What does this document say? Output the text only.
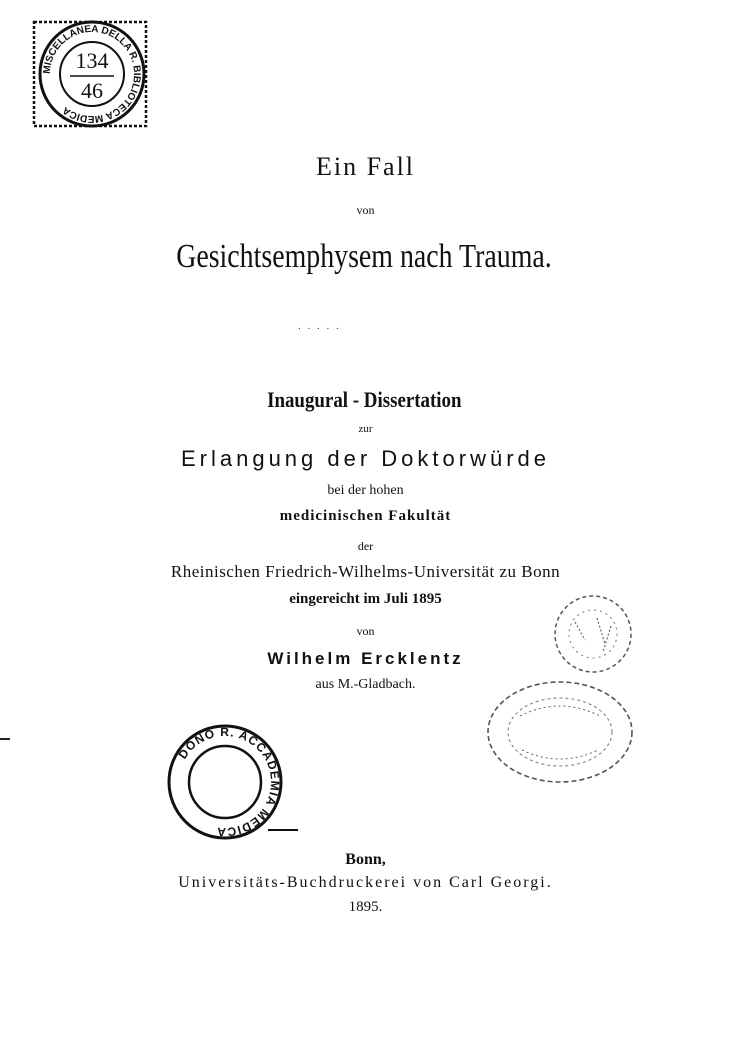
MISCELLANEA DELLA R. BIBLIOTECA MEDICA
134
46
Ein Fall
von
Gesichtsemphysem nach Trauma.
. . . . .
Inaugural - Dissertation
zur
Erlangung der Doktorwürde
bei der hohen
medicinischen Fakultät
der
Rheinischen Friedrich-Wilhelms-Universität zu Bonn
eingereicht im Juli 1895
von
Wilhelm Ercklentz
aus M.-Gladbach.
DONO R. ACCADEMIA MEDICA
Bonn,
Universitäts-Buchdruckerei von Carl Georgi.
1895.
